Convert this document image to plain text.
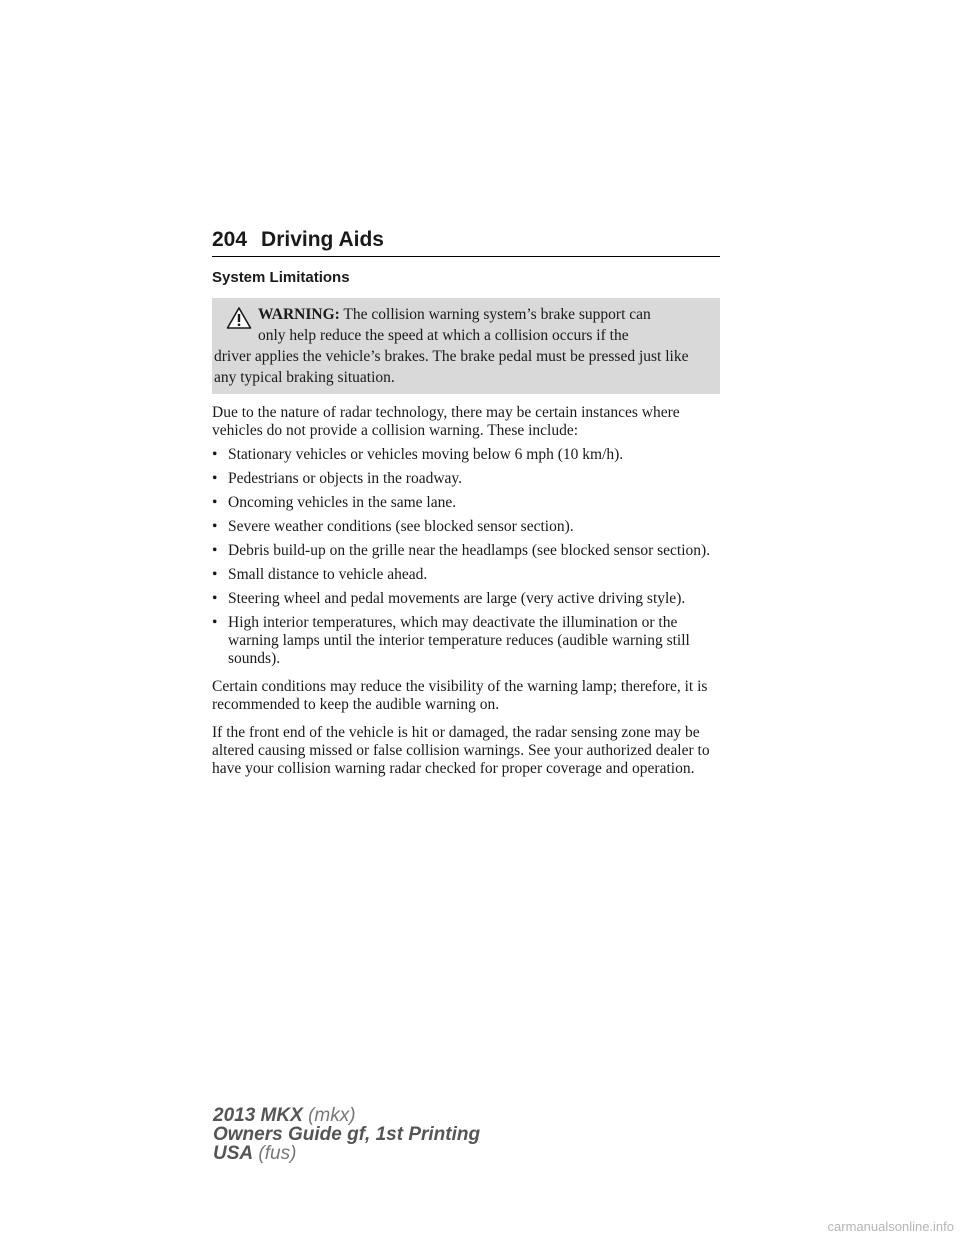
204 Driving Aids
System Limitations
WARNING: The collision warning system’s brake support can
only help reduce the speed at which a collision occurs if the
driver applies the vehicle’s brakes. The brake pedal must be pressed just like any typical braking situation.

Due to the nature of radar technology, there may be certain instances where vehicles do not provide a collision warning. These include:

• Stationary vehicles or vehicles moving below 6 mph (10 km/h).
• Pedestrians or objects in the roadway.
• Oncoming vehicles in the same lane.
• Severe weather conditions (see blocked sensor section).
• Debris build-up on the grille near the headlamps (see blocked sensor section).
• Small distance to vehicle ahead.
• Steering wheel and pedal movements are large (very active driving style).
• High interior temperatures, which may deactivate the illumination or the warning lamps until the interior temperature reduces (audible warning still sounds).

Certain conditions may reduce the visibility of the warning lamp; therefore, it is recommended to keep the audible warning on.

If the front end of the vehicle is hit or damaged, the radar sensing zone may be altered causing missed or false collision warnings. See your authorized dealer to have your collision warning radar checked for proper coverage and operation.

2013 MKX (mkx)
Owners Guide gf, 1st Printing
USA (fus)
carmanualsonline.info
